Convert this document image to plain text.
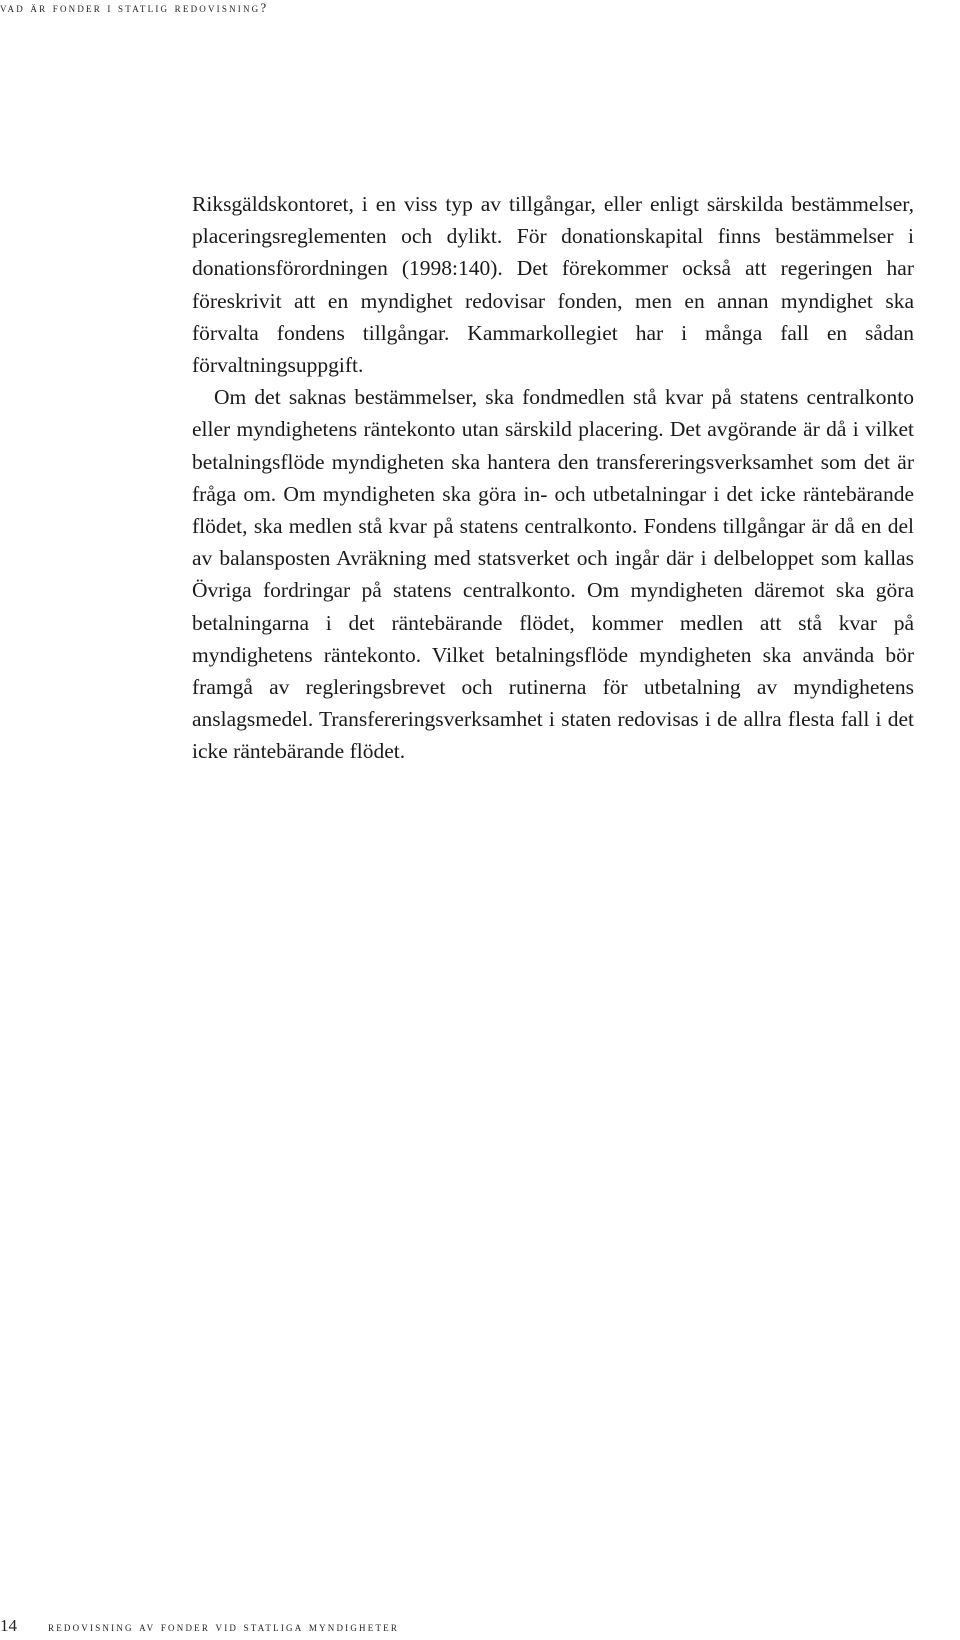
vad är fonder i statlig redovisning?

Riksgäldskontoret, i en viss typ av tillgångar, eller enligt särskilda bestämmelser, placeringsreglementen och dylikt. För donationskapital finns bestämmelser i donationsförordningen (1998:140). Det förekommer också att regeringen har föreskrivit att en myndighet redovisar fonden, men en annan myndighet ska förvalta fondens tillgångar. Kammarkollegiet har i många fall en sådan förvaltningsuppgift.

Om det saknas bestämmelser, ska fondmedlen stå kvar på statens centralkonto eller myndighetens räntekonto utan särskild placering. Det avgörande är då i vilket betalningsflöde myndigheten ska hantera den transfereringsverksamhet som det är fråga om. Om myndigheten ska göra in- och utbetalningar i det icke räntebärande flödet, ska medlen stå kvar på statens centralkonto. Fondens tillgångar är då en del av balansposten Avräkning med statsverket och ingår där i delbeloppet som kallas Övriga fordringar på statens centralkonto. Om myndigheten däremot ska göra betalningarna i det räntebärande flödet, kommer medlen att stå kvar på myndighetens räntekonto. Vilket betalningsflöde myndigheten ska använda bör framgå av regleringsbrevet och rutinerna för utbetalning av myndighetens anslagsmedel. Transfereringsverksamhet i staten redovisas i de allra flesta fall i det icke räntebärande flödet.

14 redovisning av fonder vid statliga myndigheter
